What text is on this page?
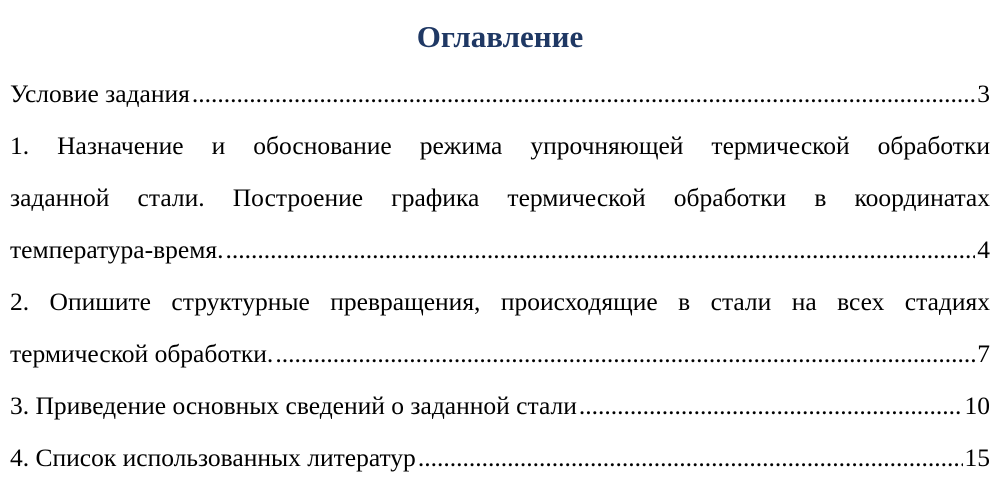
Оглавление
Условие задания .....	3
1. Назначение и обоснование режима упрочняющей термической обработки
заданной стали. Построение графика термической обработки в координатах
температура-время. .....	4
2. Опишите структурные превращения, происходящие в стали на всех стадиях
термической обработки. .....	7
3. Приведение основных сведений о заданной стали .....	10
4. Список использованных литератур .....	15
